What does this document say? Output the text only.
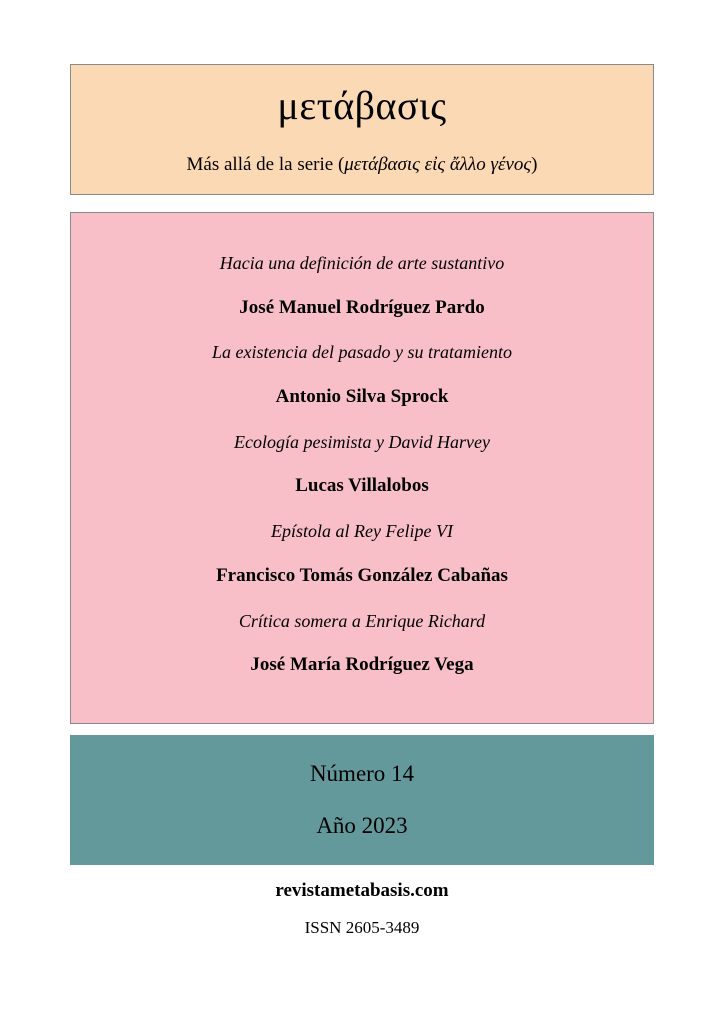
μετάβασις
Más allá de la serie (μετάβασις εἰς ἄλλο γένος)
Hacia una definición de arte sustantivo
José Manuel Rodríguez Pardo
La existencia del pasado y su tratamiento
Antonio Silva Sprock
Ecología pesimista y David Harvey
Lucas Villalobos
Epístola al Rey Felipe VI
Francisco Tomás González Cabañas
Crítica somera a Enrique Richard
José María Rodríguez Vega
Número 14
Año 2023
revistametabasis.com
ISSN 2605-3489
